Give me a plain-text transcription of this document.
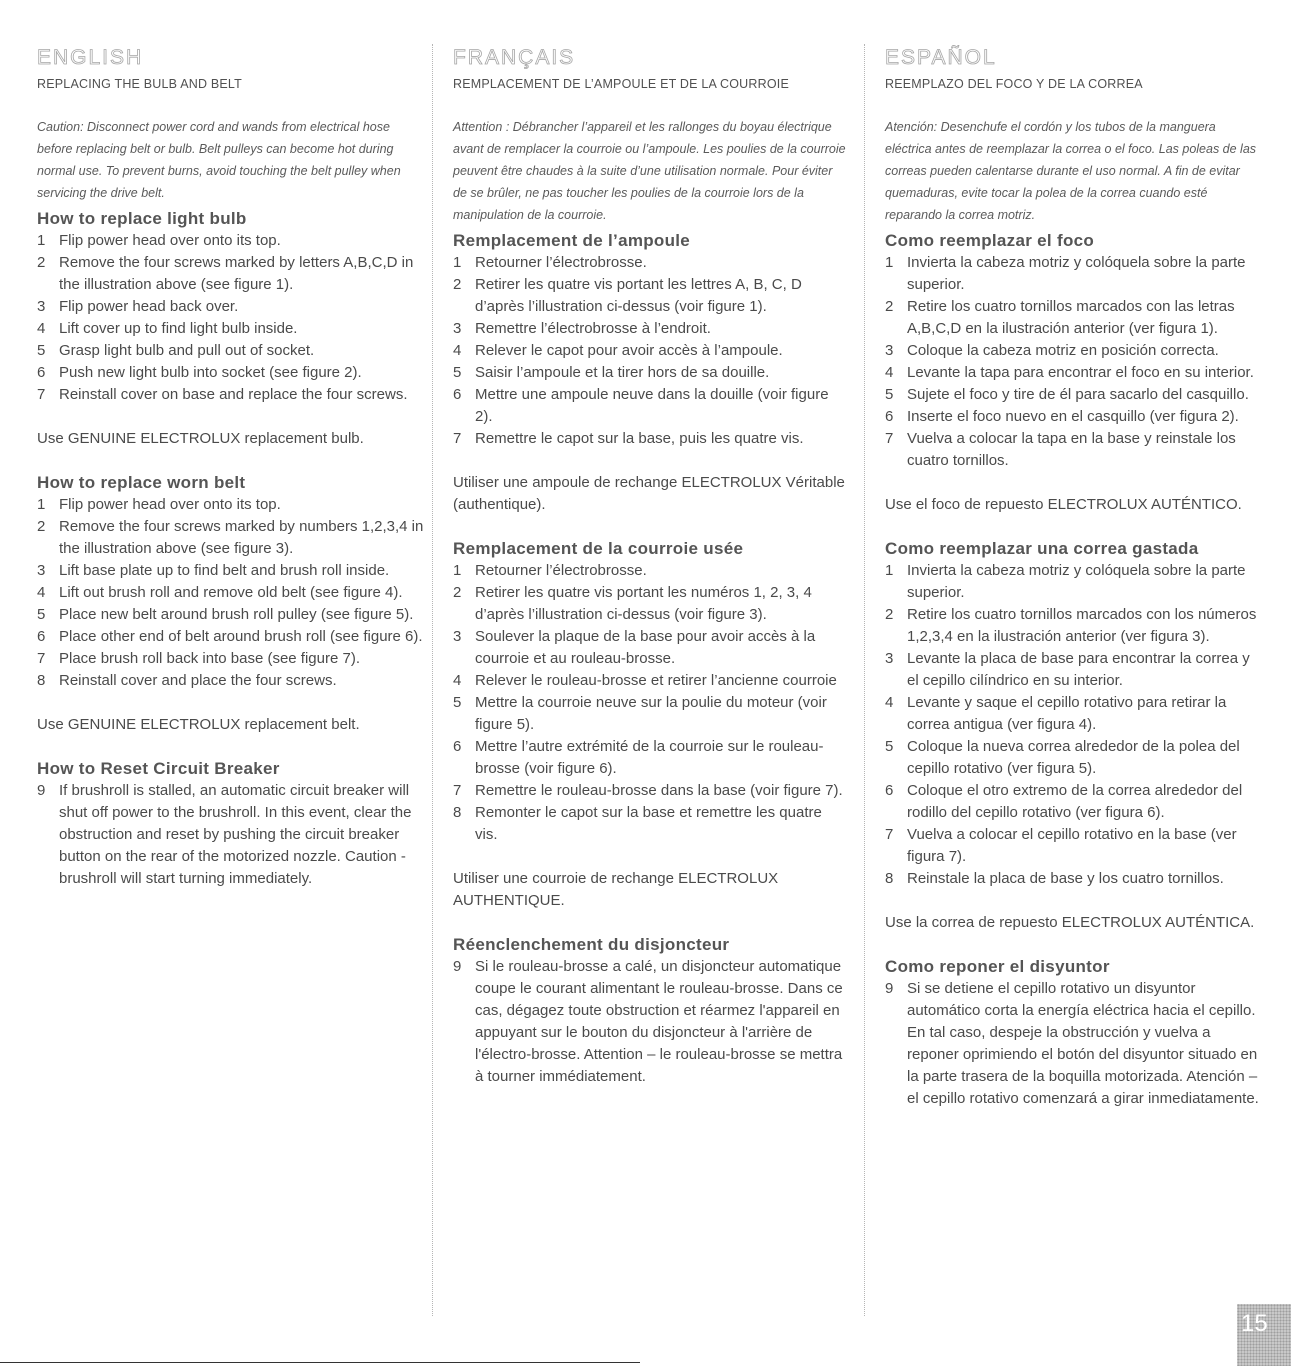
ENGLISH
REPLACING THE BULB AND BELT
Caution: Disconnect power cord and wands from electrical hose before replacing belt or bulb. Belt pulleys can become hot during normal use. To prevent burns, avoid touching the belt pulley when servicing the drive belt.
How to replace light bulb
1 Flip power head over onto its top.
2 Remove the four screws marked by letters A,B,C,D in the illustration above (see figure 1).
3 Flip power head back over.
4 Lift cover up to find light bulb inside.
5 Grasp light bulb and pull out of socket.
6 Push new light bulb into socket (see figure 2).
7 Reinstall cover on base and replace the four screws.
Use GENUINE ELECTROLUX replacement bulb.
How to replace worn belt
1 Flip power head over onto its top.
2 Remove the four screws marked by numbers 1,2,3,4 in the illustration above (see figure 3).
3 Lift base plate up to find belt and brush roll inside.
4 Lift out brush roll and remove old belt (see figure 4).
5 Place new belt around brush roll pulley (see figure 5).
6 Place other end of belt around brush roll (see figure 6).
7 Place brush roll back into base (see figure 7).
8 Reinstall cover and place the four screws.
Use GENUINE ELECTROLUX replacement belt.
How to Reset Circuit Breaker
9 If brushroll is stalled, an automatic circuit breaker will shut off power to the brushroll. In this event, clear the obstruction and reset by pushing the circuit breaker button on the rear of the motorized nozzle. Caution - brushroll will start turning immediately.
FRANÇAIS
REMPLACEMENT DE L’AMPOULE ET DE LA COURROIE
Attention : Débrancher l’appareil et les rallonges du boyau électrique avant de remplacer la courroie ou l’ampoule. Les poulies de la courroie peuvent être chaudes à la suite d’une utilisation normale. Pour éviter de se brûler, ne pas toucher les poulies de la courroie lors de la manipulation de la courroie.
Remplacement de l’ampoule
1 Retourner l’électrobrosse.
2 Retirer les quatre vis portant les lettres A, B, C, D d’après l’illustration ci-dessus (voir figure 1).
3 Remettre l’électrobrosse à l’endroit.
4 Relever le capot pour avoir accès à l’ampoule.
5 Saisir l’ampoule et la tirer hors de sa douille.
6 Mettre une ampoule neuve dans la douille (voir figure 2).
7 Remettre le capot sur la base, puis les quatre vis.
Utiliser une ampoule de rechange ELECTROLUX Véritable (authentique).
Remplacement de la courroie usée
1 Retourner l’électrobrosse.
2 Retirer les quatre vis portant les numéros 1, 2, 3, 4 d’après l’illustration ci-dessus (voir figure 3).
3 Soulever la plaque de la base pour avoir accès à la courroie et au rouleau-brosse.
4 Relever le rouleau-brosse et retirer l’ancienne courroie
5 Mettre la courroie neuve sur la poulie du moteur (voir figure 5).
6 Mettre l’autre extrémité de la courroie sur le rouleau-brosse (voir figure 6).
7 Remettre le rouleau-brosse dans la base (voir figure 7).
8 Remonter le capot sur la base et remettre les quatre vis.
Utiliser une courroie de rechange ELECTROLUX AUTHENTIQUE.
Réenclenchement du disjoncteur
9 Si le rouleau-brosse a calé, un disjoncteur automatique coupe le courant alimentant le rouleau-brosse. Dans ce cas, dégagez toute obstruction et réarmez l'appareil en appuyant sur le bouton du disjoncteur à l'arrière de l'électro-brosse. Attention – le rouleau-brosse se mettra à tourner immédiatement.
ESPAÑOL
REEMPLAZO DEL FOCO Y DE LA CORREA
Atención: Desenchufe el cordón y los tubos de la manguera eléctrica antes de reemplazar la correa o el foco. Las poleas de las correas pueden calentarse durante el uso normal. A fin de evitar quemaduras, evite tocar la polea de la correa cuando esté reparando la correa motriz.
Como reemplazar el foco
1 Invierta la cabeza motriz y colóquela sobre la parte superior.
2 Retire los cuatro tornillos marcados con las letras A,B,C,D en la ilustración anterior (ver figura 1).
3 Coloque la cabeza motriz en posición correcta.
4 Levante la tapa para encontrar el foco en su interior.
5 Sujete el foco y tire de él para sacarlo del casquillo.
6 Inserte el foco nuevo en el casquillo (ver figura 2).
7 Vuelva a colocar la tapa en la base y reinstale los cuatro tornillos.
Use el foco de repuesto ELECTROLUX AUTÉNTICO.
Como reemplazar una correa gastada
1 Invierta la cabeza motriz y colóquela sobre la parte superior.
2 Retire los cuatro tornillos marcados con los números 1,2,3,4 en la ilustración anterior (ver figura 3).
3 Levante la placa de base para encontrar la correa y el cepillo cilíndrico en su interior.
4 Levante y saque el cepillo rotativo para retirar la correa antigua (ver figura 4).
5 Coloque la nueva correa alrededor de la polea del cepillo rotativo (ver figura 5).
6 Coloque el otro extremo de la correa alrededor del rodillo del cepillo rotativo (ver figura 6).
7 Vuelva a colocar el cepillo rotativo en la base (ver figura 7).
8 Reinstale la placa de base y los cuatro tornillos.
Use la correa de repuesto ELECTROLUX AUTÉNTICA.
Como reponer el disyuntor
9 Si se detiene el cepillo rotativo un disyuntor automático corta la energía eléctrica hacia el cepillo. En tal caso, despeje la obstrucción y vuelva a reponer oprimiendo el botón del disyuntor situado en la parte trasera de la boquilla motorizada. Atención – el cepillo rotativo comenzará a girar inmediatamente.
15
